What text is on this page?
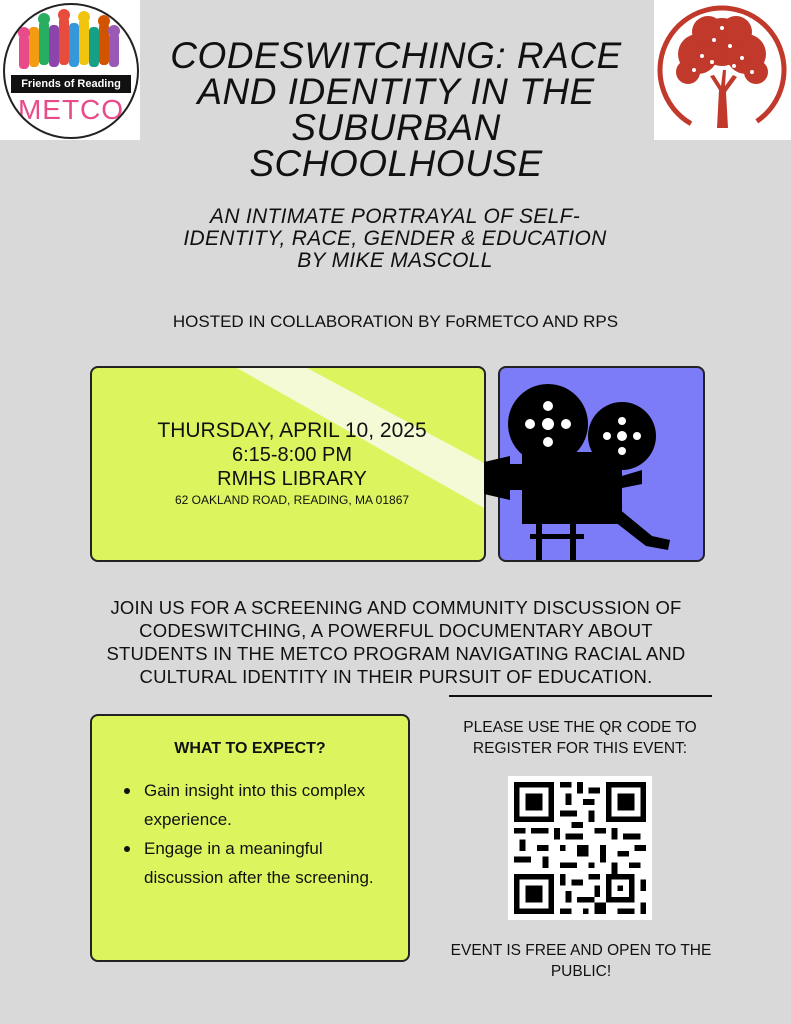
Friends of Reading
METCO
CODESWITCHING: RACE AND IDENTITY IN THE SUBURBAN SCHOOLHOUSE
AN INTIMATE PORTRAYAL OF SELF-
IDENTITY, RACE, GENDER & EDUCATION
BY MIKE MASCOLL
HOSTED IN COLLABORATION BY FoRMETCO AND RPS
THURSDAY, APRIL 10, 2025
6:15-8:00 PM
RMHS LIBRARY
62 OAKLAND ROAD, READING, MA 01867
JOIN US FOR A SCREENING AND COMMUNITY DISCUSSION OF CODESWITCHING, A POWERFUL DOCUMENTARY ABOUT STUDENTS IN THE METCO PROGRAM NAVIGATING RACIAL AND CULTURAL IDENTITY IN THEIR PURSUIT OF EDUCATION.
WHAT TO EXPECT?
Gain insight into this complex experience.
Engage in a meaningful discussion after the screening.
PLEASE USE THE QR CODE TO REGISTER FOR THIS EVENT:
EVENT IS FREE AND OPEN TO THE PUBLIC!
